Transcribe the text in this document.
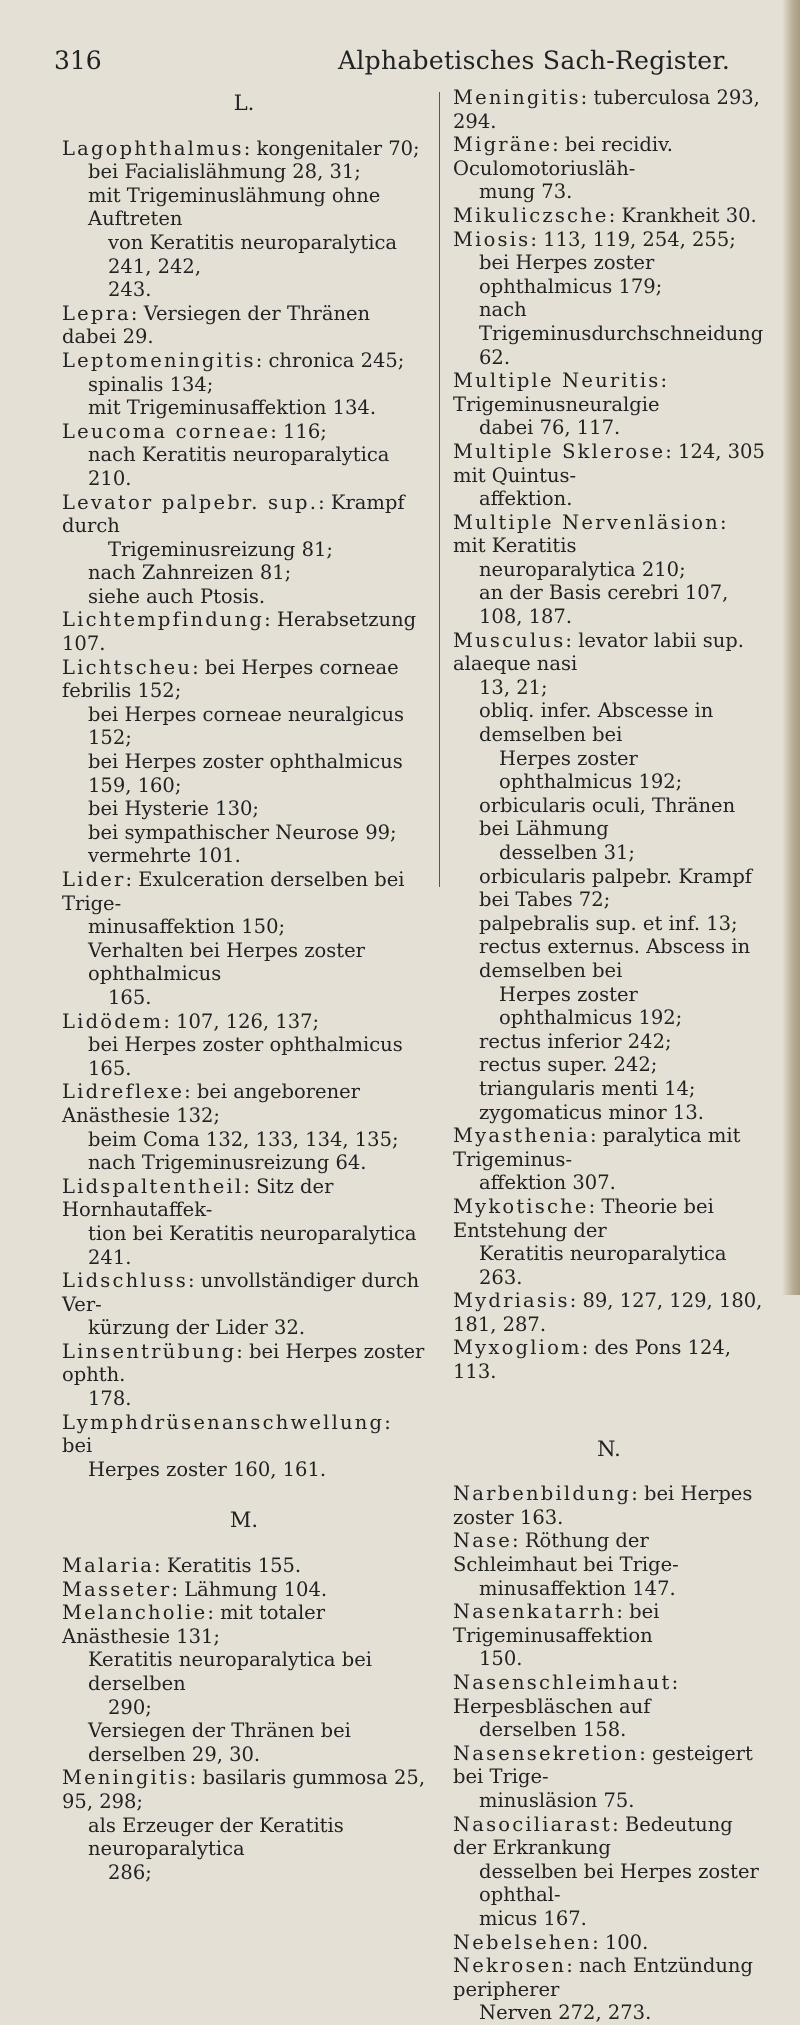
316	Alphabetisches Sach-Register.
L.
Lagophthalmus: kongenitaler 70;
bei Facialislähmung 28, 31;
mit Trigeminuslähmung ohne Auftreten
von Keratitis neuroparalytica 241, 242,
243.
Lepra: Versiegen der Thränen dabei 29.
Leptomeningitis: chronica 245;
spinalis 134;
mit Trigeminusaffektion 134.
Leucoma corneae: 116;
nach Keratitis neuroparalytica 210.
Levator palpebr. sup.: Krampf durch
Trigeminusreizung 81;
nach Zahnreizen 81;
siehe auch Ptosis.
Lichtempfindung: Herabsetzung 107.
Lichtscheu: bei Herpes corneae febrilis 152;
bei Herpes corneae neuralgicus 152;
bei Herpes zoster ophthalmicus 159, 160;
bei Hysterie 130;
bei sympathischer Neurose 99;
vermehrte 101.
Lider: Exulceration derselben bei Trige-
minusaffektion 150;
Verhalten bei Herpes zoster ophthalmicus
165.
Lidödem: 107, 126, 137;
bei Herpes zoster ophthalmicus 165.
Lidreflexe: bei angeborener Anästhesie 132;
beim Coma 132, 133, 134, 135;
nach Trigeminusreizung 64.
Lidspaltentheil: Sitz der Hornhautaffek-
tion bei Keratitis neuroparalytica 241.
Lidschluss: unvollständiger durch Ver-
kürzung der Lider 32.
Linsentrübung: bei Herpes zoster ophth.
178.
Lymphdrüsenanschwellung: bei
Herpes zoster 160, 161.
M.
Malaria: Keratitis 155.
Masseter: Lähmung 104.
Melancholie: mit totaler Anästhesie 131;
Keratitis neuroparalytica bei derselben
290;
Versiegen der Thränen bei derselben 29, 30.
Meningitis: basilaris gummosa 25, 95, 298;
als Erzeuger der Keratitis neuroparalytica
286;
Meningitis: tuberculosa 293, 294.
Migräne: bei recidiv. Oculomotoriusläh-
mung 73.
Mikuliczsche: Krankheit 30.
Miosis: 113, 119, 254, 255;
bei Herpes zoster ophthalmicus 179;
nach Trigeminusdurchschneidung 62.
Multiple Neuritis: Trigeminusneuralgie
dabei 76, 117.
Multiple Sklerose: 124, 305 mit Quintus-
affektion.
Multiple Nervenläsion: mit Keratitis
neuroparalytica 210;
an der Basis cerebri 107, 108, 187.
Musculus: levator labii sup. alaeque nasi
13, 21;
obliq. infer. Abscesse in demselben bei
Herpes zoster ophthalmicus 192;
orbicularis oculi, Thränen bei Lähmung
desselben 31;
orbicularis palpebr. Krampf bei Tabes 72;
palpebralis sup. et inf. 13;
rectus externus. Abscess in demselben bei
Herpes zoster ophthalmicus 192;
rectus inferior 242;
rectus super. 242;
triangularis menti 14;
zygomaticus minor 13.
Myasthenia: paralytica mit Trigeminus-
affektion 307.
Mykotische: Theorie bei Entstehung der
Keratitis neuroparalytica 263.
Mydriasis: 89, 127, 129, 180, 181, 287.
Myxogliom: des Pons 124, 113.
N.
Narbenbildung: bei Herpes zoster 163.
Nase: Röthung der Schleimhaut bei Trige-
minusaffektion 147.
Nasenkatarrh: bei Trigeminusaffektion
150.
Nasenschleimhaut: Herpesbläschen auf
derselben 158.
Nasensekretion: gesteigert bei Trige-
minusläsion 75.
Nasociliarast: Bedeutung der Erkrankung
desselben bei Herpes zoster ophthal-
micus 167.
Nebelsehen: 100.
Nekrosen: nach Entzündung peripherer
Nerven 272, 273.
